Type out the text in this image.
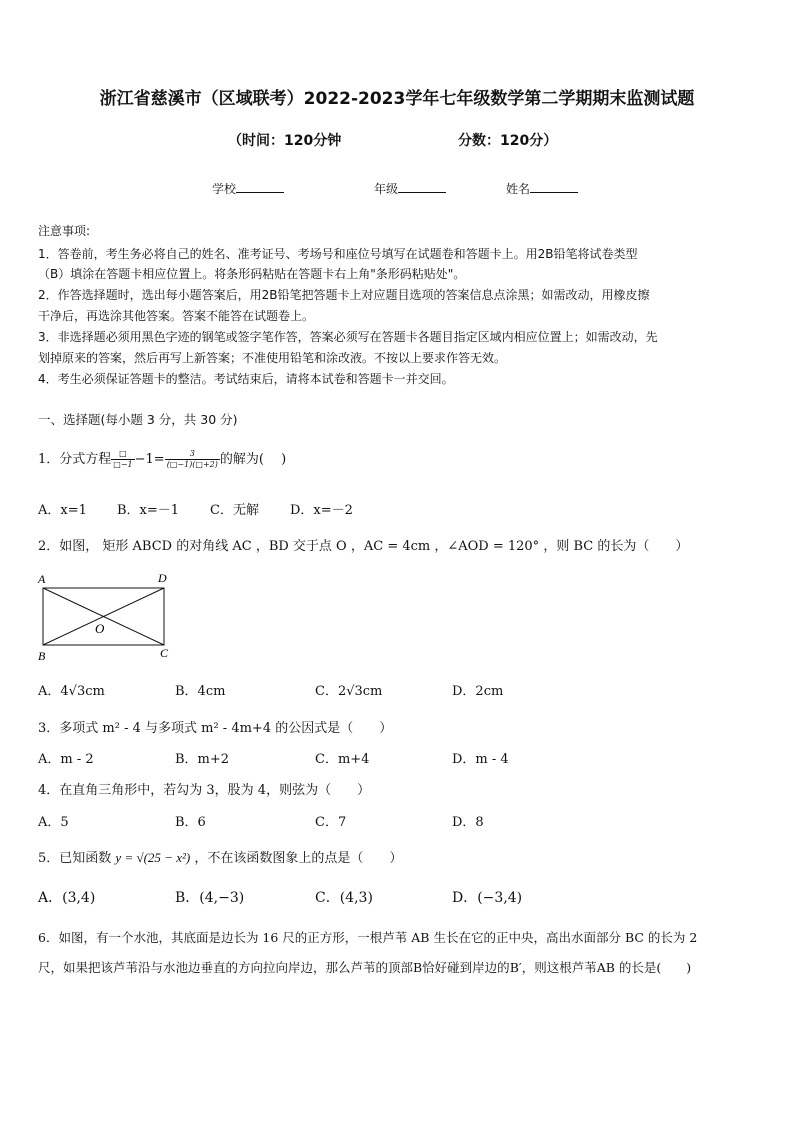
浙江省慈溪市（区域联考）2022-2023学年七年级数学第二学期期末监测试题
（时间：120分钟	分数：120分）
学校	年级	姓名
注意事项:
1．答卷前，考生务必将自己的姓名、准考证号、考场号和座位号填写在试题卷和答题卡上。用2B铅笔将试卷类型
（B）填涂在答题卡相应位置上。将条形码粘贴在答题卡右上角"条形码粘贴处"。
2．作答选择题时，选出每小题答案后，用2B铅笔把答题卡上对应题目选项的答案信息点涂黑；如需改动，用橡皮擦
干净后，再选涂其他答案。答案不能答在试题卷上。
3．非选择题必须用黑色字迹的钢笔或签字笔作答，答案必须写在答题卡各题目指定区域内相应位置上；如需改动，先
划掉原来的答案，然后再写上新答案；不准使用铅笔和涂改液。不按以上要求作答无效。
4．考生必须保证答题卡的整洁。考试结束后，请将本试卷和答题卡一并交回。
一、选择题(每小题 3 分，共 30 分)
1．分式方程 $\frac{□}{□-1} -1= \frac{3}{(□-1)(□+2)}$ 的解为(　 )
A．x=1 B．x=－1 C．无解 D．x=－2
2．如图， 矩形 ABCD 的对角线 AC ，BD 交于点 O ，AC = 4cm ，∠AOD = 120° ，则 BC 的长为（　　）
A	D
B	C
O
A．4√3cm	B．4cm	C．2√3cm	D．2cm
3．多项式 m² - 4 与多项式 m² - 4m+4 的公因式是（　　）
A．m - 2	B．m+2	C．m+4	D．m - 4
4．在直角三角形中，若勾为 3，股为 4，则弦为（　　）
A．5	B．6	C．7	D．8
5．已知函数 y = √(25 − x²) ，不在该函数图象上的点是（　　）
A．(3,4)	B．(4,−3)	C．(4,3)	D．(−3,4)
6．如图，有一个水池，其底面是边长为 16 尺的正方形，一根芦苇 AB 生长在它的正中央，高出水面部分 BC 的长为 2
尺，如果把该芦苇沿与水池边垂直的方向拉向岸边，那么芦苇的顶部B恰好碰到岸边的B′，则这根芦苇AB 的长是(　　)
